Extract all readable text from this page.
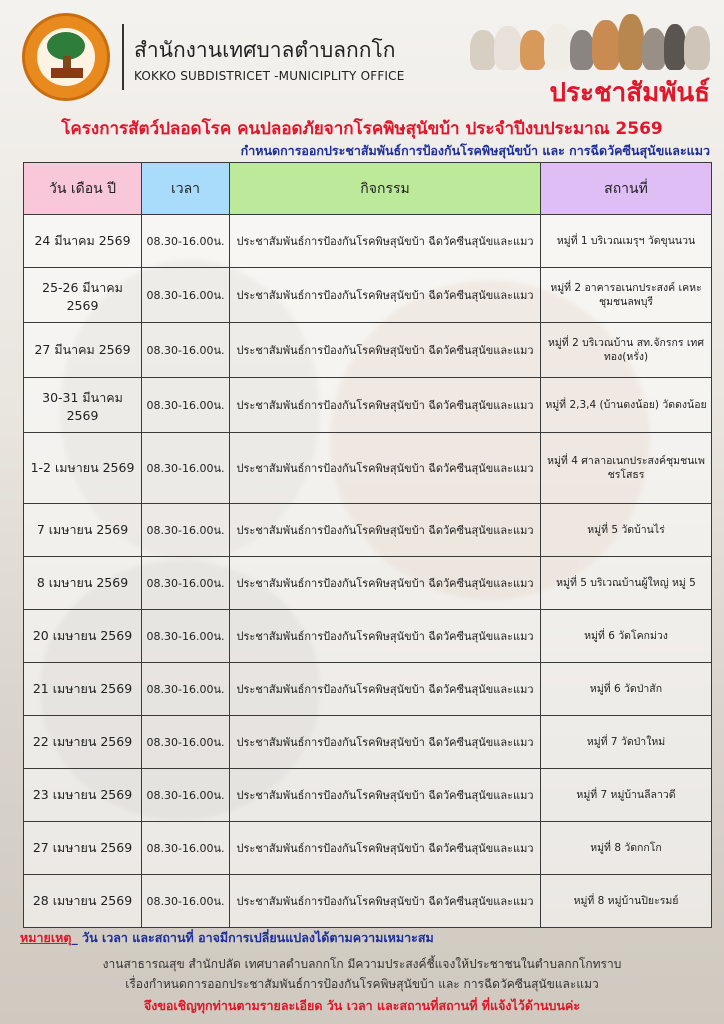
สำนักงานเทศบาลตำบลกกโก
KOKKO SUBDISTRICET -MUNICIPLITY OFFICE
ประชาสัมพันธ์
โครงการสัตว์ปลอดโรค คนปลอดภัยจากโรคพิษสุนัขบ้า ประจำปีงบประมาณ 2569
กำหนดการออกประชาสัมพันธ์การป้องกันโรคพิษสุนัขบ้า และ การฉีดวัคซีนสุนัขและแมว
วัน เดือน ปี	เวลา	กิจกรรม	สถานที่
24 มีนาคม 2569	08.30-16.00น.	ประชาสัมพันธ์การป้องกันโรคพิษสุนัขบ้า ฉีดวัคซีนสุนัขและแมว	หมู่ที่ 1 บริเวณเมรุฯ วัดขุนนวน
25-26 มีนาคม 2569	08.30-16.00น.	ประชาสัมพันธ์การป้องกันโรคพิษสุนัขบ้า ฉีดวัคซีนสุนัขและแมว	หมู่ที่ 2 อาคารอเนกประสงค์ เคหะชุมชนลพบุรี
27 มีนาคม 2569	08.30-16.00น.	ประชาสัมพันธ์การป้องกันโรคพิษสุนัขบ้า ฉีดวัคซีนสุนัขและแมว	หมู่ที่ 2 บริเวณบ้าน สท.จักรกร เทศทอง(หรั่ง)
30-31 มีนาคม 2569	08.30-16.00น.	ประชาสัมพันธ์การป้องกันโรคพิษสุนัขบ้า ฉีดวัคซีนสุนัขและแมว	หมู่ที่ 2,3,4 (บ้านดงน้อย) วัดดงน้อย
1-2 เมษายน 2569	08.30-16.00น.	ประชาสัมพันธ์การป้องกันโรคพิษสุนัขบ้า ฉีดวัคซีนสุนัขและแมว	หมู่ที่ 4 ศาลาอเนกประสงค์ชุมชนเพชรโสธร
7 เมษายน 2569	08.30-16.00น.	ประชาสัมพันธ์การป้องกันโรคพิษสุนัขบ้า ฉีดวัคซีนสุนัขและแมว	หมู่ที่ 5 วัดบ้านไร่
8 เมษายน 2569	08.30-16.00น.	ประชาสัมพันธ์การป้องกันโรคพิษสุนัขบ้า ฉีดวัคซีนสุนัขและแมว	หมู่ที่ 5 บริเวณบ้านผู้ใหญ่ หมู่ 5
20 เมษายน 2569	08.30-16.00น.	ประชาสัมพันธ์การป้องกันโรคพิษสุนัขบ้า ฉีดวัคซีนสุนัขและแมว	หมู่ที่ 6 วัดโคกม่วง
21 เมษายน 2569	08.30-16.00น.	ประชาสัมพันธ์การป้องกันโรคพิษสุนัขบ้า ฉีดวัคซีนสุนัขและแมว	หมู่ที่ 6 วัดป่าสัก
22 เมษายน 2569	08.30-16.00น.	ประชาสัมพันธ์การป้องกันโรคพิษสุนัขบ้า ฉีดวัคซีนสุนัขและแมว	หมู่ที่ 7 วัดป่าใหม่
23 เมษายน 2569	08.30-16.00น.	ประชาสัมพันธ์การป้องกันโรคพิษสุนัขบ้า ฉีดวัคซีนสุนัขและแมว	หมู่ที่ 7 หมู่บ้านลีลาวดี
27 เมษายน 2569	08.30-16.00น.	ประชาสัมพันธ์การป้องกันโรคพิษสุนัขบ้า ฉีดวัคซีนสุนัขและแมว	หมู่ที่ 8 วัดกกโก
28 เมษายน 2569	08.30-16.00น.	ประชาสัมพันธ์การป้องกันโรคพิษสุนัขบ้า ฉีดวัคซีนสุนัขและแมว	หมู่ที่ 8 หมู่บ้านปิยะรมย์
หมายเหตุ_ วัน เวลา และสถานที่ อาจมีการเปลี่ยนแปลงได้ตามความเหมาะสม
งานสาธารณสุข สำนักปลัด เทศบาลตำบลกกโก มีความประสงค์ชี้แจงให้ประชาชนในตำบลกกโกทราบ
เรื่องกำหนดการออกประชาสัมพันธ์การป้องกันโรคพิษสุนัขบ้า และ การฉีดวัคซีนสุนัขและแมว
จึงขอเชิญทุกท่านตามรายละเอียด วัน เวลา และสถานที่สถานที่ ที่แจ้งไว้ด้านบนค่ะ
